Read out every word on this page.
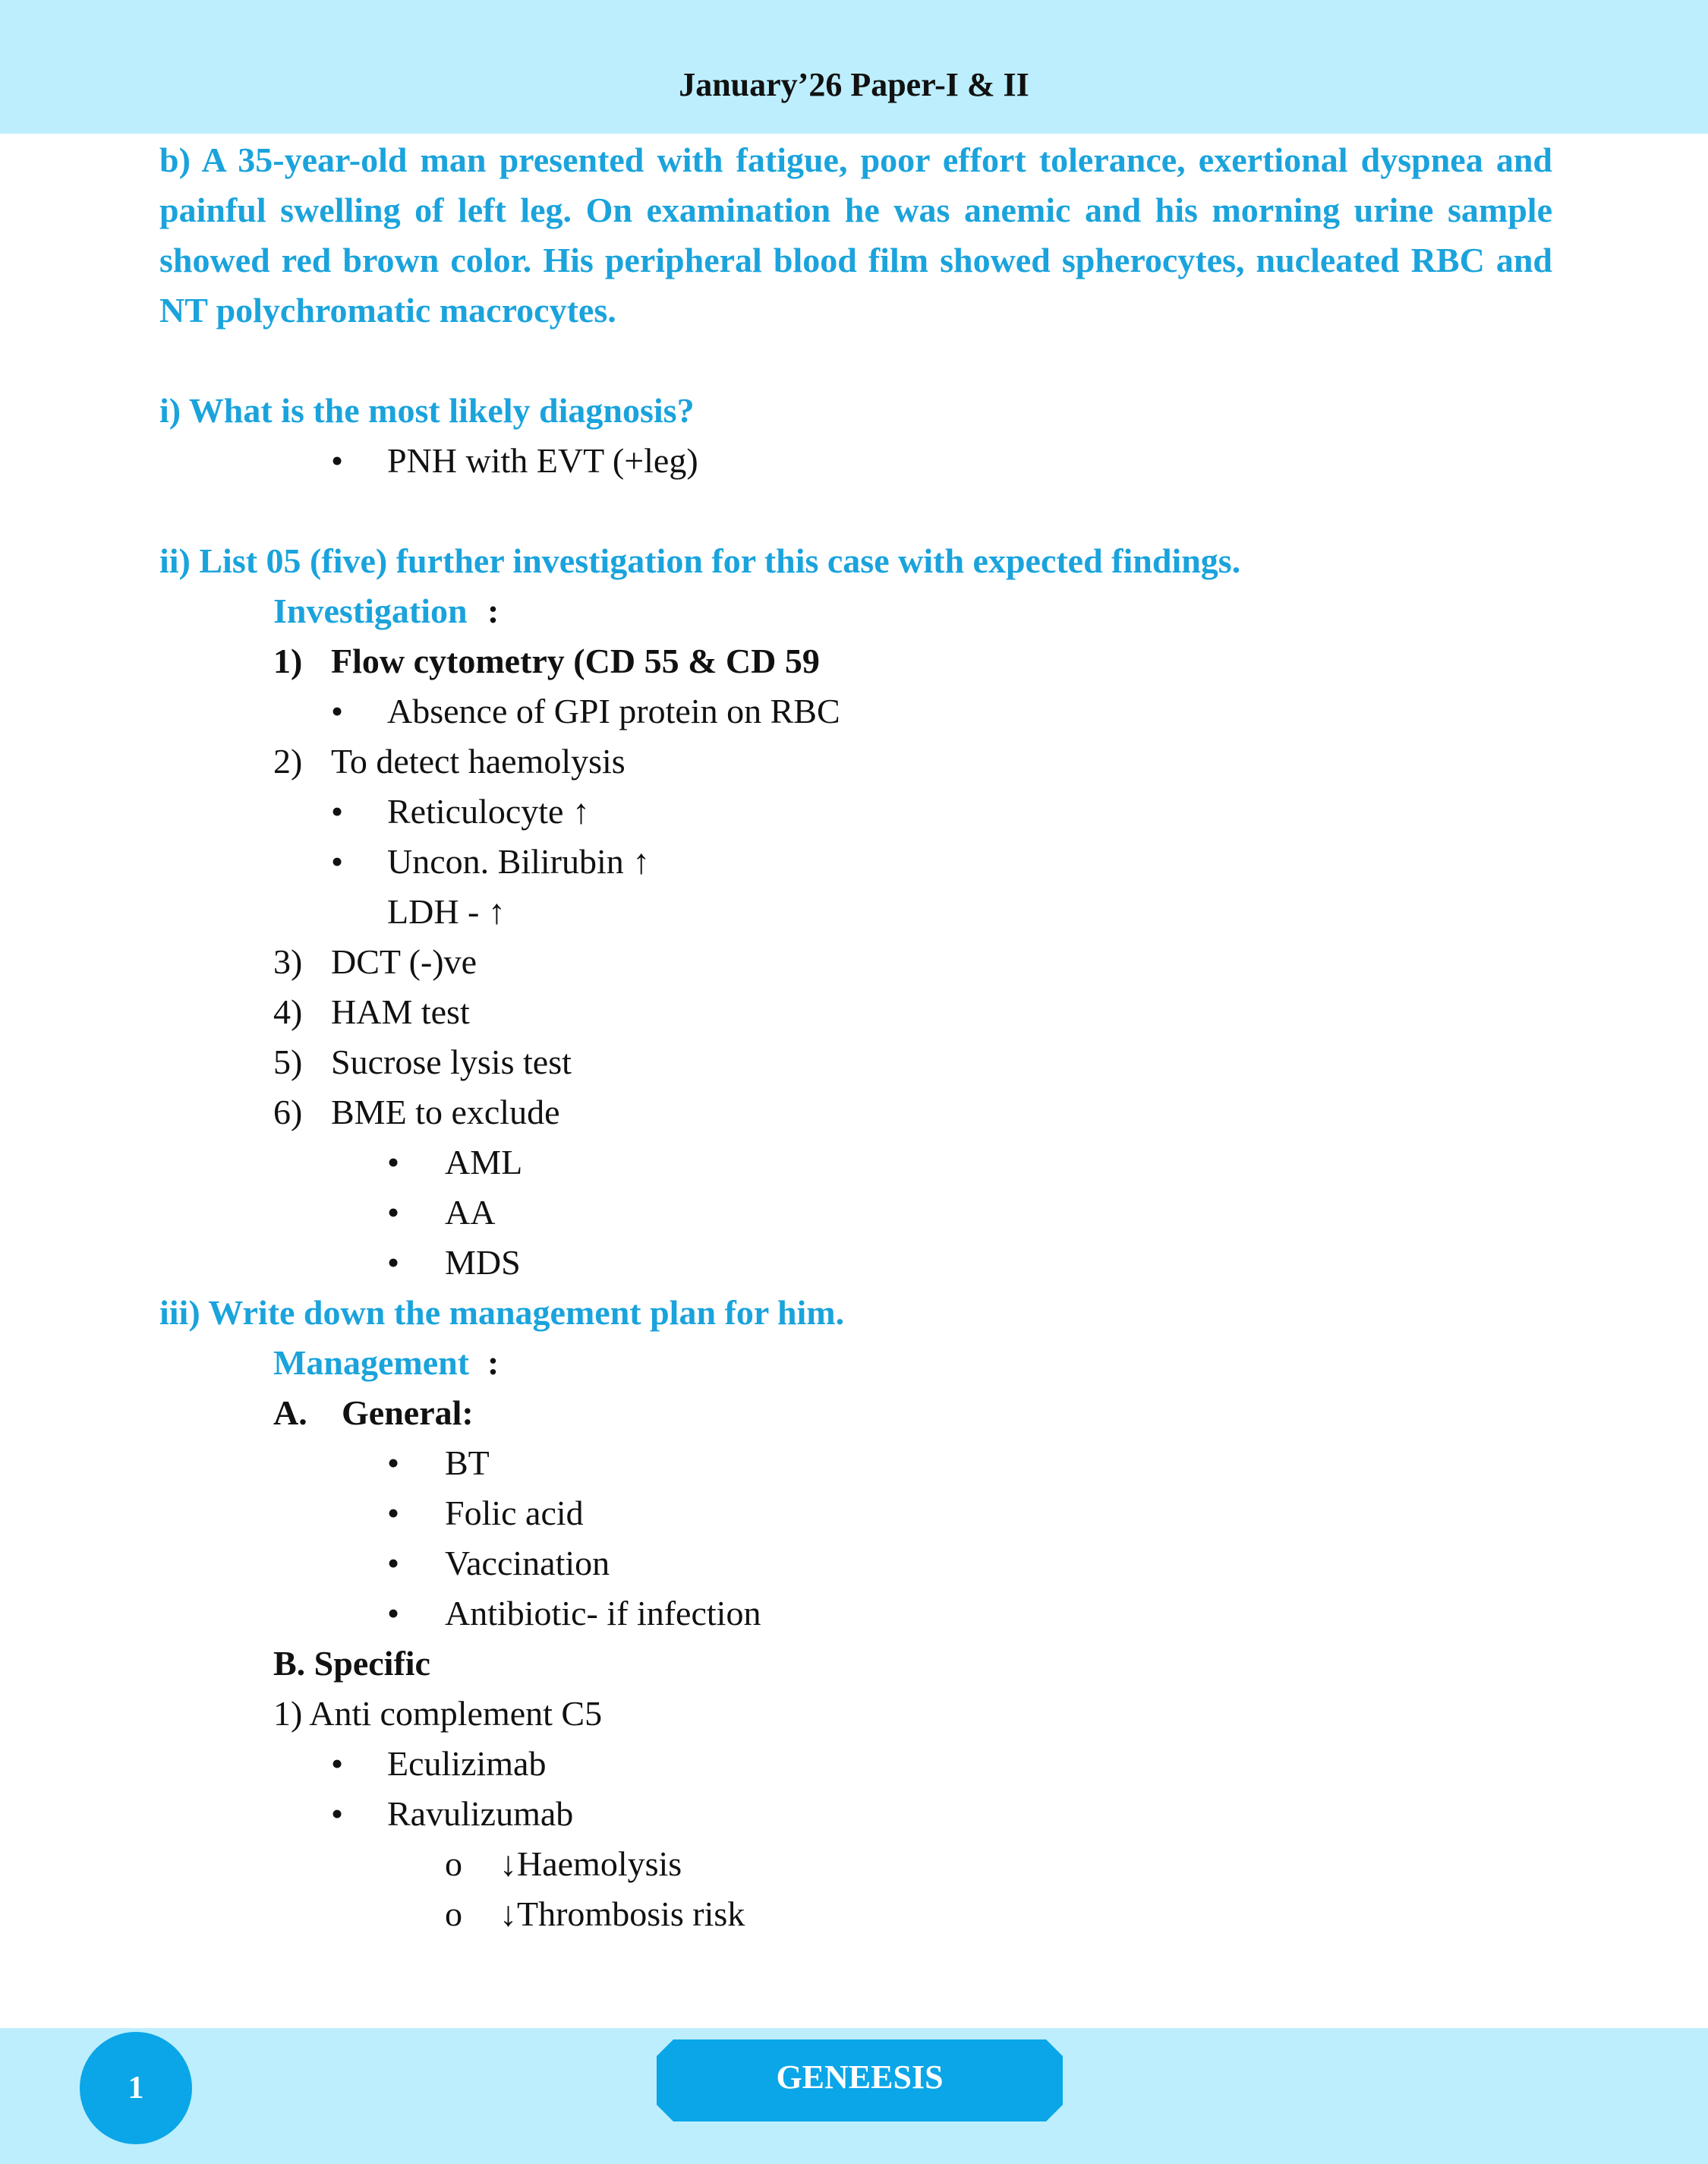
January’26 Paper-I & II

b) A 35-year-old man presented with fatigue, poor effort tolerance, exertional dyspnea and painful swelling of left leg. On examination he was anemic and his morning urine sample showed red brown color. His peripheral blood film showed spherocytes, nucleated RBC and NT polychromatic macrocytes.

i) What is the most likely diagnosis?

• PNH with EVT (+leg)

ii) List 05 (five) further investigation for this case with expected findings.

Investigation :
1) Flow cytometry (CD 55 & CD 59
• Absence of GPI protein on RBC
2) To detect haemolysis
• Reticulocyte ↑
• Uncon. Bilirubin ↑
LDH - ↑
3) DCT (-)ve
4) HAM test
5) Sucrose lysis test
6) BME to exclude
• AML
• AA
• MDS

iii) Write down the management plan for him.

Management :
A. General:
• BT
• Folic acid
• Vaccination
• Antibiotic- if infection
B. Specific
1) Anti complement C5
• Eculizimab
• Ravulizumab
o ↓Haemolysis
o ↓Thrombosis risk
1	GENEESIS
